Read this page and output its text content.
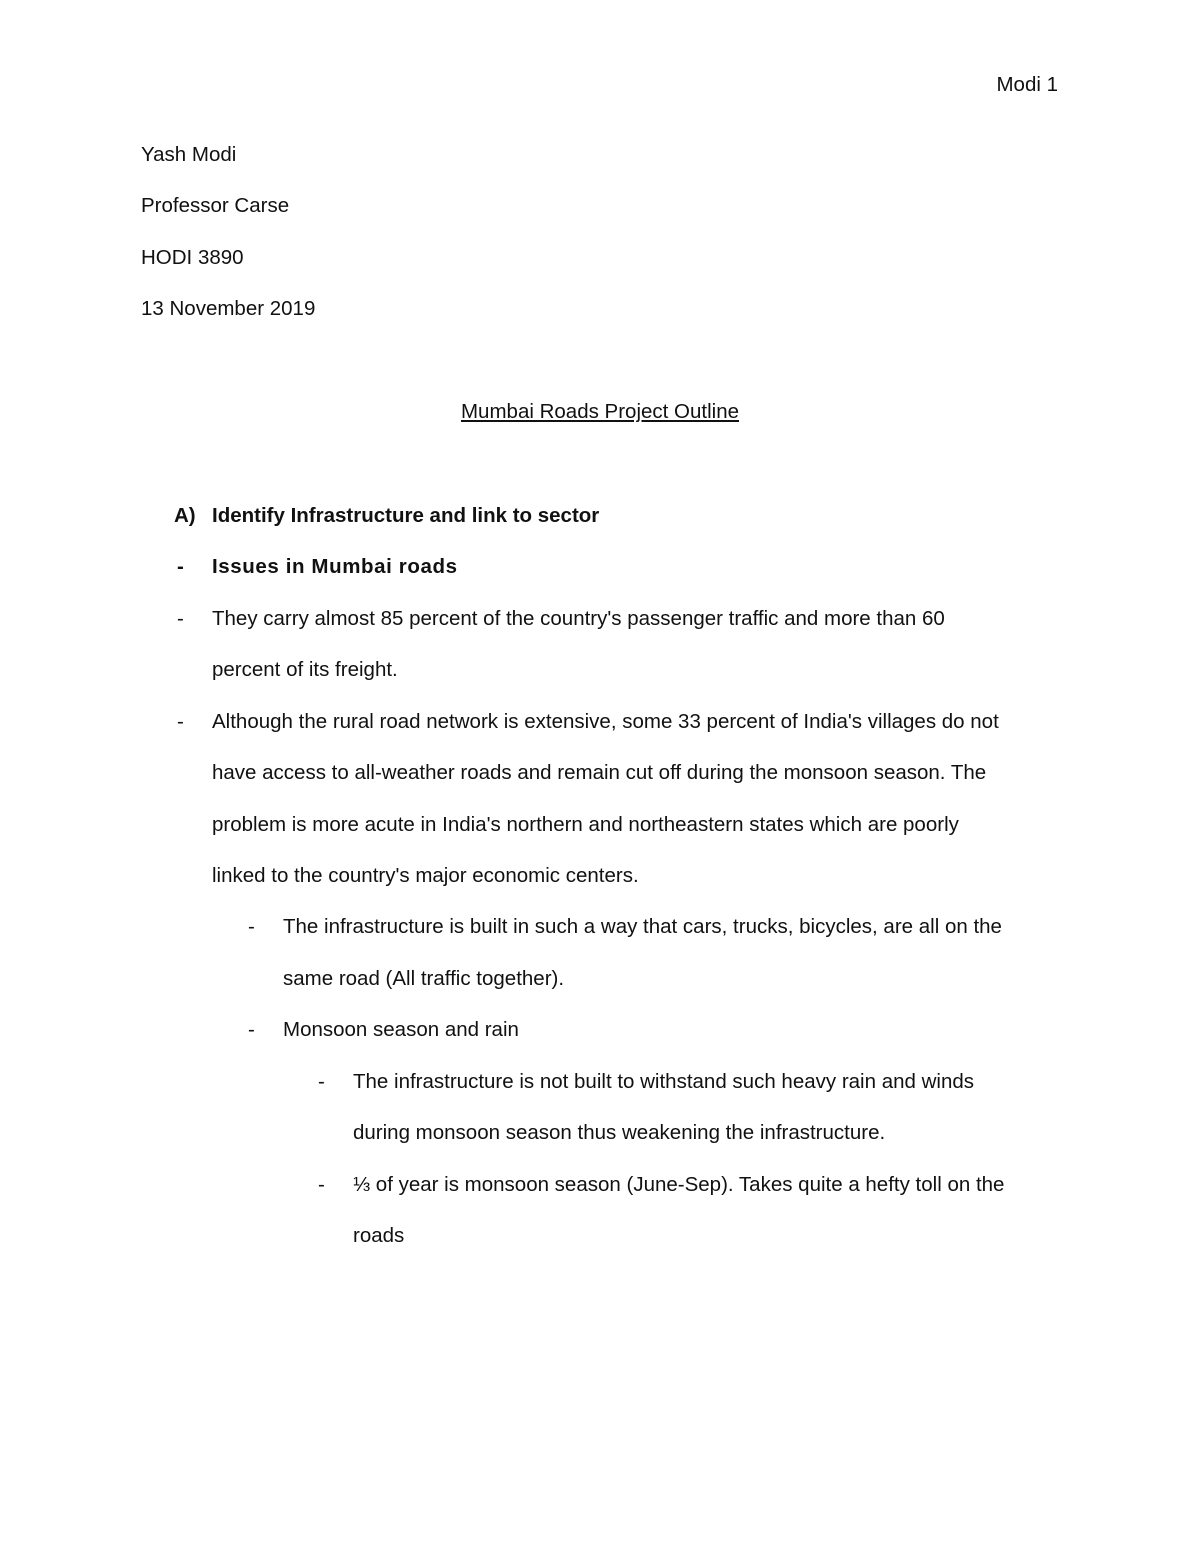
Modi 1
Yash Modi
Professor Carse
HODI 3890
13 November 2019
Mumbai Roads Project Outline
A) Identify Infrastructure and link to sector
- Issues in Mumbai roads
- They carry almost 85 percent of the country's passenger traffic and more than 60
percent of its freight.
- Although the rural road network is extensive, some 33 percent of India's villages do not
have access to all-weather roads and remain cut off during the monsoon season. The
problem is more acute in India's northern and northeastern states which are poorly
linked to the country's major economic centers.
- The infrastructure is built in such a way that cars, trucks, bicycles, are all on the
same road (All traffic together).
- Monsoon season and rain
- The infrastructure is not built to withstand such heavy rain and winds
during monsoon season thus weakening the infrastructure.
- ⅓ of year is monsoon season (June-Sep). Takes quite a hefty toll on the
roads
